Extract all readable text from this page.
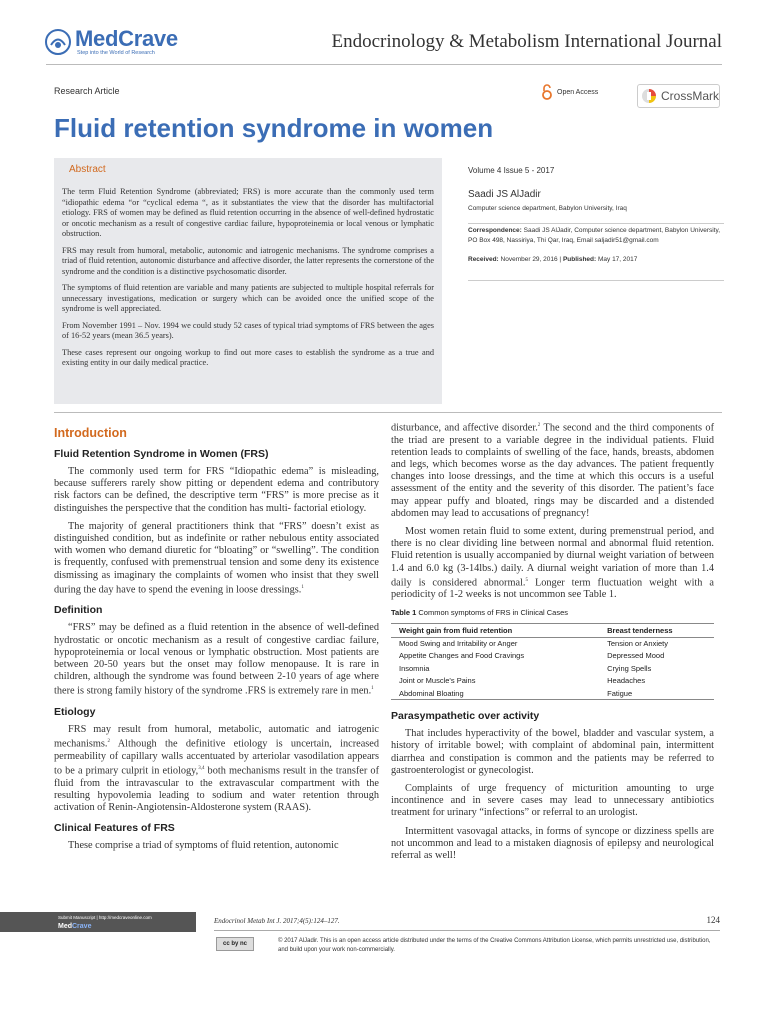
MedCrave
Step into the World of Research
Endocrinology & Metabolism International Journal
Research Article	Open Access	CrossMark
Fluid retention syndrome in women
Abstract

The term Fluid Retention Syndrome (abbreviated; FRS) is more accurate than the commonly used term “idiopathic edema “or “cyclical edema “, as it substantiates the view that the disorder has multifactorial etiology. FRS of women may be defined as fluid retention occurring in the absence of well-defined hydrostatic or oncotic mechanism as a result of congestive cardiac failure, hypoproteinemia or local venous or lymphatic obstruction.

FRS may result from humoral, metabolic, autonomic and iatrogenic mechanisms. The syndrome comprises a triad of fluid retention, autonomic disturbance and affective disorder, the latter represents the cornerstone of the syndrome and the condition is a distinctive psychosomatic disorder.

The symptoms of fluid retention are variable and many patients are subjected to multiple hospital referrals for unnecessary investigations, medication or surgery which can be avoided once the unified scope of the syndrome is well appreciated.

From November 1991 – Nov. 1994 we could study 52 cases of typical triad symptoms of FRS between the ages of 16-52 years (mean 36.5 years).

These cases represent our ongoing workup to find out more cases to establish the syndrome as a true and existing entity in our daily medical practice.

Volume 4 Issue 5 - 2017
Saadi JS AlJadir
Computer science department, Babylon University, Iraq
Correspondence: Saadi JS AlJadir, Computer science department, Babylon University, PO Box 498, Nassiriya, Thi Qar, Iraq, Email saljadir51@gmail.com
Received: November 29, 2016 | Published: May 17, 2017
Introduction
Fluid Retention Syndrome in Women (FRS)

The commonly used term for FRS “Idiopathic edema” is misleading, because sufferers rarely show pitting or dependent edema and contributory risk factors can be defined, the descriptive term “FRS” is more precise as it distinguishes the perspective that the condition has multi- factorial etiology.

The majority of general practitioners think that “FRS” doesn’t exist as distinguished condition, but as indefinite or rather nebulous entity associated with women who demand diuretic for “bloating” or “swelling”. The condition is frequently, confused with premenstrual tension and some deny its existence dismissing as imaginary the complaints of women who insist that they swell during the day have to spend the evening in loose dressings.$^1$

Definition

“FRS” may be defined as a fluid retention in the absence of well-defined hydrostatic or oncotic mechanism as a result of congestive cardiac failure, hypoproteinemia or local venous or lymphatic obstruction. Most patients are between 20-50 years but the onset may follow menopause. It is rare in children, although the syndrome was found between 2-10 years of age where there is strong family history of the syndrome .FRS is extremely rare in men.$^1$

Etiology

FRS may result from humoral, metabolic, automatic and iatrogenic mechanisms.$^2$ Although the definitive etiology is uncertain, increased permeability of capillary walls accentuated by arteriolar vasodilation appears to be a primary culprit in etiology,$^{3,4}$ both mechanisms result in the transfer of fluid from the intravascular to the extravascular compartment with the resulting hypovolemia leading to sodium and water retention through activation of Renin-Angiotensin-Aldosterone system (RAAS).

Clinical Features of FRS

These comprise a triad of symptoms of fluid retention, autonomic

disturbance, and affective disorder.$^2$ The second and the third components of the triad are present to a variable degree in the individual patients. Fluid retention leads to complaints of swelling of the face, hands, breasts, abdomen and legs, which becomes worse as the day advances. The patient frequently changes into loose dressings, and the time at which this occurs is a useful assessment of the entity and the severity of this disorder. The patient’s face may appear puffy and bloated, rings may be discarded and a distended abdomen may lead to accusations of pregnancy!

Most women retain fluid to some extent, during premenstrual period, and there is no clear dividing line between normal and abnormal fluid retention. Fluid retention is usually accompanied by diurnal weight variation of between 1.4 and 6.0 kg (3-14lbs.) daily. A diurnal weight variation of more than 1.4 daily is considered abnormal.$^5$ Longer term fluctuation weight with a periodicity of 1-2 weeks is not uncommon see Table 1.

Table 1 Common symptoms of FRS in Clinical Cases
Weight gain from fluid retention	Breast tenderness
Mood Swing and Irritability or Anger	Tension or Anxiety
Appetite Changes and Food Cravings	Depressed Mood
Insomnia	Crying Spells
Joint or Muscle's Pains	Headaches
Abdominal Bloating	Fatigue
Parasympathetic over activity

That includes hyperactivity of the bowel, bladder and vascular system, a history of irritable bowel; with complaint of abdominal pain, intermittent diarrhea and constipation is common and the patients may be referred to gastroenterologist or gynecologist.

Complaints of urge frequency of micturition amounting to urge incontinence and in severe cases may lead to unnecessary antibiotics treatment for urinary “infections” or referral to an urologist.

Intermittent vasovagal attacks, in forms of syncope or dizziness spells are not uncommon and lead to a mistaken diagnosis of epilepsy and neurological referral as well!

Submit Manuscript | http://medcraveonline.com
MedCrave
Endocrinol Metab Int J. 2017;4(5):124‒127.	124
cc by nc	© 2017 AlJadir. This is an open access article distributed under the terms of the Creative Commons Attribution License, which permits unrestricted use, distribution, and build upon your work non-commercially.
